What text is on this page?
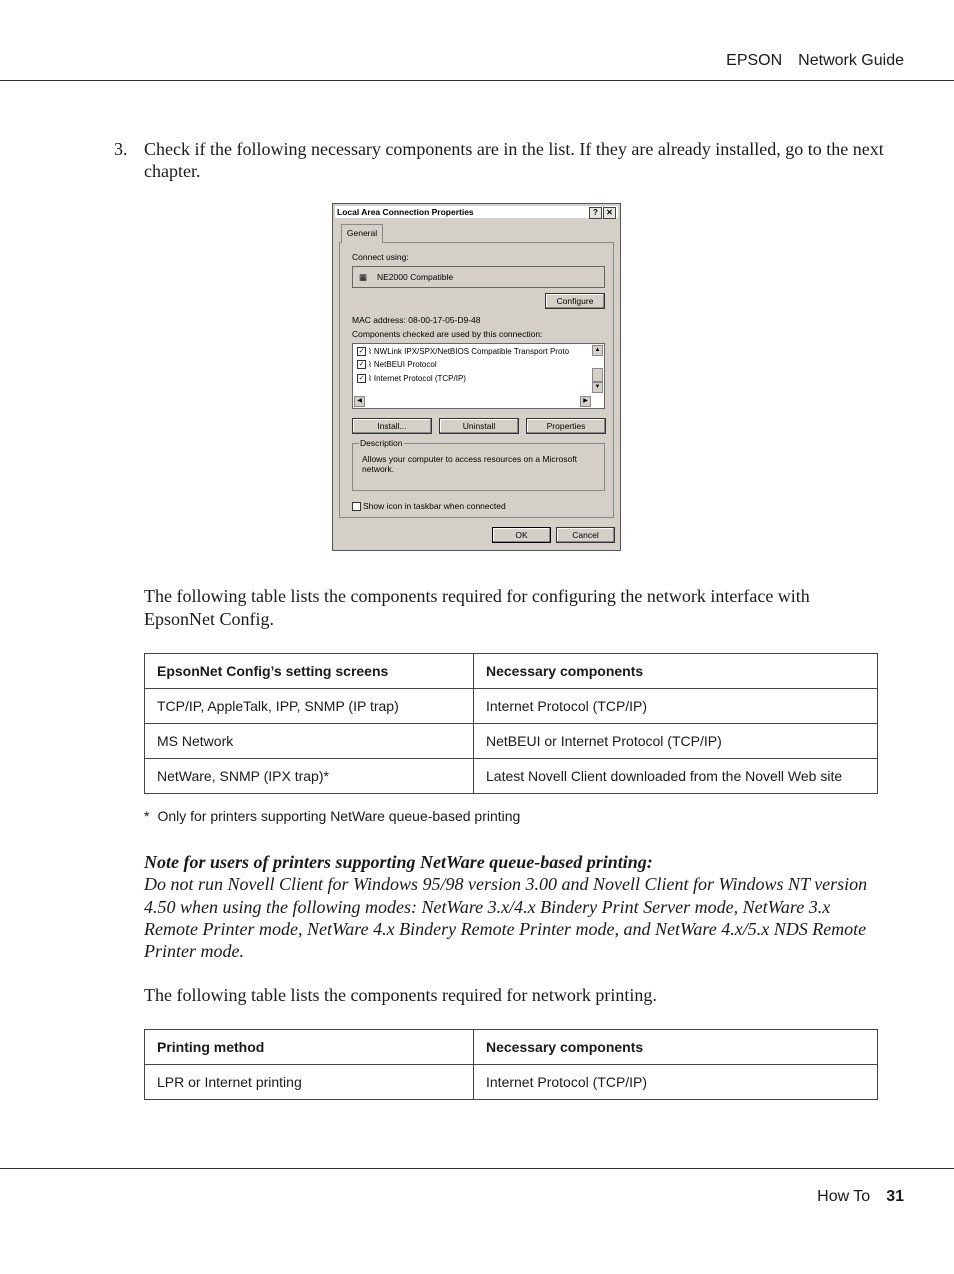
EPSON Network Guide
3. Check if the following necessary components are in the list. If they are already installed, go to the next chapter.
Local Area Connection Properties	?	✕
General
Connect using:
▦ NE2000 Compatible
Configure
MAC address: 08-00-17-05-D9-48
Components checked are used by this connection:
✓ ⌇ NWLink IPX/SPX/NetBIOS Compatible Transport Proto
✓ ⌇ NetBEUI Protocol
✓ ⌇ Internet Protocol (TCP/IP)
▲
▼
◀	▶
Install...	Uninstall	Properties
Description
Allows your computer to access resources on a Microsoft network.
Show icon in taskbar when connected
OK	Cancel
The following table lists the components required for configuring the network interface with EpsonNet Config.
EpsonNet Config’s setting screens	Necessary components
TCP/IP, AppleTalk, IPP, SNMP (IP trap)	Internet Protocol (TCP/IP)
MS Network	NetBEUI or Internet Protocol (TCP/IP)
NetWare, SNMP (IPX trap)*	Latest Novell Client downloaded from the Novell Web site
* Only for printers supporting NetWare queue-based printing
Note for users of printers supporting NetWare queue-based printing:
Do not run Novell Client for Windows 95/98 version 3.00 and Novell Client for Windows NT version 4.50 when using the following modes: NetWare 3.x/4.x Bindery Print Server mode, NetWare 3.x Remote Printer mode, NetWare 4.x Bindery Remote Printer mode, and NetWare 4.x/5.x NDS Remote Printer mode.
The following table lists the components required for network printing.
Printing method	Necessary components
LPR or Internet printing	Internet Protocol (TCP/IP)
How To 31
